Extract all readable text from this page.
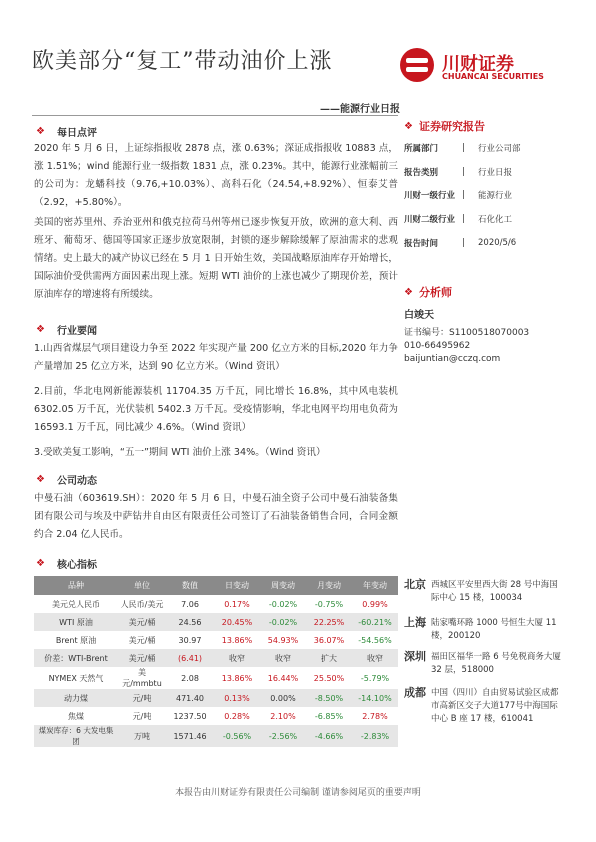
欧美部分“复工”带动油价上涨	川财证券
CHUANCAI SECURITIES
——能源行业日报
❖ 每日点评

2020 年 5 月 6 日，上证综指报收 2878 点，涨 0.63%；深证成指报收 10883 点，涨 1.51%；wind 能源行业一级指数 1831 点，涨 0.23%。其中，能源行业涨幅前三的公司为：龙蟠科技（9.76,+10.03%）、高科石化（24.54,+8.92%）、恒泰艾普（2.92，+5.80%）。

美国的密苏里州、乔治亚州和俄克拉荷马州等州已逐步恢复开放，欧洲的意大利、西班牙、葡萄牙、德国等国家正逐步放宽限制，封锁的逐步解除缓解了原油需求的悲观情绪。史上最大的减产协议已经在 5 月 1 日开始生效，美国战略原油库存开始增长，国际油价受供需两方面因素出现上涨。短期 WTI 油价的上涨也减少了期现价差，预计原油库存的增速将有所缓续。

❖ 行业要闻

1.山西省煤层气项目建设力争至 2022 年实现产量 200 亿立方米的目标,2020 年力争产量增加 25 亿立方米，达到 90 亿立方米。（Wind 资讯）

2.目前，华北电网新能源装机 11704.35 万千瓦，同比增长 16.8%，其中风电装机 6302.05 万千瓦，光伏装机 5402.3 万千瓦。受疫情影响，华北电网平均用电负荷为 16593.1 万千瓦，同比减少 4.6%。（Wind 资讯）

3.受欧美复工影响，“五一”期间 WTI 油价上涨 34%。（Wind 资讯）

❖ 公司动态
中曼石油（603619.SH）：2020 年 5 月 6 日，中曼石油全资子公司中曼石油装备集团有限公司与埃及中萨钻井自由区有限责任公司签订了石油装备销售合同，合同金额约合 2.04 亿人民币。
❖ 核心指标
品种	单位	数值	日变动	周变动	月变动	年变动
美元兑人民币	人民币/美元	7.06	0.17%	-0.02%	-0.75%	0.99%
WTI 原油	美元/桶	24.56	20.45%	-0.02%	22.25%	-60.21%
Brent 原油	美元/桶	30.97	13.86%	54.93%	36.07%	-54.56%
价差：WTI-Brent	美元/桶	(6.41)	收窄	收窄	扩大	收窄
NYMEX 天然气	美元/mmbtu	2.08	13.86%	16.44%	25.50%	-5.79%
动力煤	元/吨	471.40	0.13%	0.00%	-8.50%	-14.10%
焦煤	元/吨	1237.50	0.28%	2.10%	-6.85%	2.78%
煤炭库存：6 大发电集团	万吨	1571.46	-0.56%	-2.56%	-4.66%	-2.83%
❖ 证券研究报告
所属部门	|	行业公司部
报告类别	|	行业日报
川财一级行业 |	能源行业
川财二级行业 |	石化化工
报告时间	|	2020/5/6
❖ 分析师
白竣天
证书编号：S1100518070003
010-66495962
baijuntian@cczq.com
北京 西城区平安里西大街 28 号中海国际中心 15 楼，100034
上海 陆家嘴环路 1000 号恒生大厦 11 楼，200120
深圳 福田区福华一路 6 号免税商务大厦 32 层，518000
成都 中国（四川）自由贸易试验区成都市高新区交子大道177号中海国际中心 B 座 17 楼，610041
本报告由川财证券有限责任公司编制 谨请参阅尾页的重要声明
